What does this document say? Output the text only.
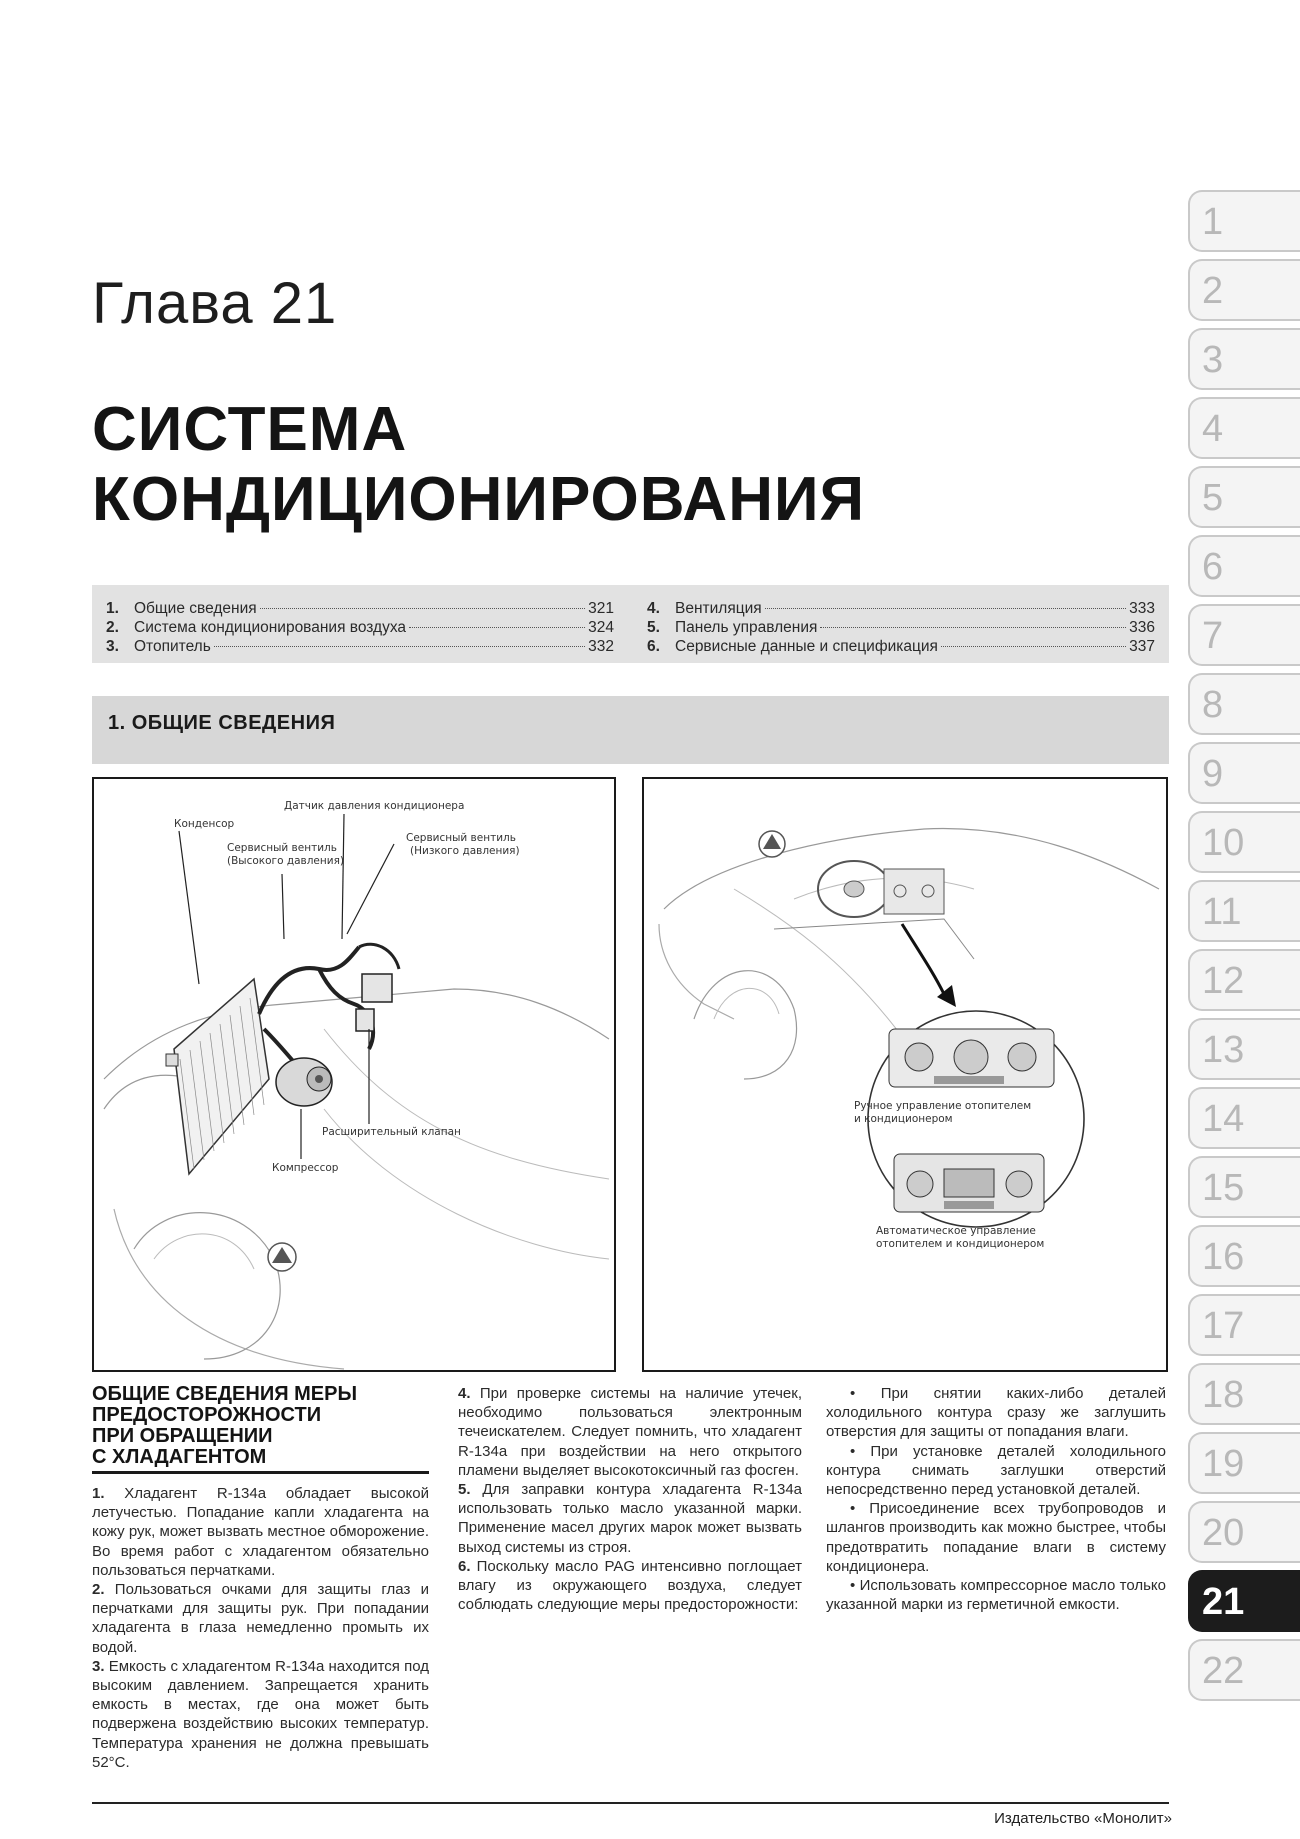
Глава 21
СИСТЕМА
КОНДИЦИОНИРОВАНИЯ
1. Общие сведения	321
2. Система кондиционирования воздуха	324
3. Отопитель	332
4. Вентиляция	333
5. Панель управления	336
6. Сервисные данные и спецификация	337
1. ОБЩИЕ СВЕДЕНИЯ
Датчик давления кондиционера
Конденсор
Сервисный вентиль
(Высокого давления)
Сервисный вентиль
(Низкого давления)
Расширительный клапан
Компрессор
Ручное управление отопителем
и кондиционером
Автоматическое управление
отопителем и кондиционером

ОБЩИЕ СВЕДЕНИЯ МЕРЫ
ПРЕДОСТОРОЖНОСТИ
ПРИ ОБРАЩЕНИИ
С ХЛАДАГЕНТОМ

1. Хладагент R-134а обладает высокой летучестью. Попадание капли хладагента на кожу рук, может вызвать местное обморожение. Во время работ с хладагентом обязательно пользоваться перчатками.

2. Пользоваться очками для защиты глаз и перчатками для защиты рук. При попадании хладагента в глаза немедленно промыть их водой.

3. Емкость с хладагентом R-134а находится под высоким давлением. Запрещается хранить емкость в местах, где она может быть подвержена воздействию высоких температур. Температура хранения не должна превышать 52°С.

4. При проверке системы на наличие утечек, необходимо пользоваться электронным течеискателем. Следует помнить, что хладагент R-134а при воздействии на него открытого пламени выделяет высокотоксичный газ фосген.

5. Для заправки контура хладагента R-134а использовать только масло указанной марки. Применение масел других марок может вызвать выход системы из строя.

6. Поскольку масло PAG интенсивно поглощает влагу из окружающего воздуха, следует соблюдать следующие меры предосторожности:

• При снятии каких-либо деталей холодильного контура сразу же заглушить отверстия для защиты от попадания влаги.

• При установке деталей холодильного контура снимать заглушки отверстий непосредственно перед установкой деталей.

• Присоединение всех трубопроводов и шлангов производить как можно быстрее, чтобы предотвратить попадание влаги в систему кондиционера.

• Использовать компрессорное масло только указанной марки из герметичной емкости.

Издательство «Монолит»
1
2
3
4
5
6
7
8
9
10
11
12
13
14
15
16
17
18
19
20
21
22
